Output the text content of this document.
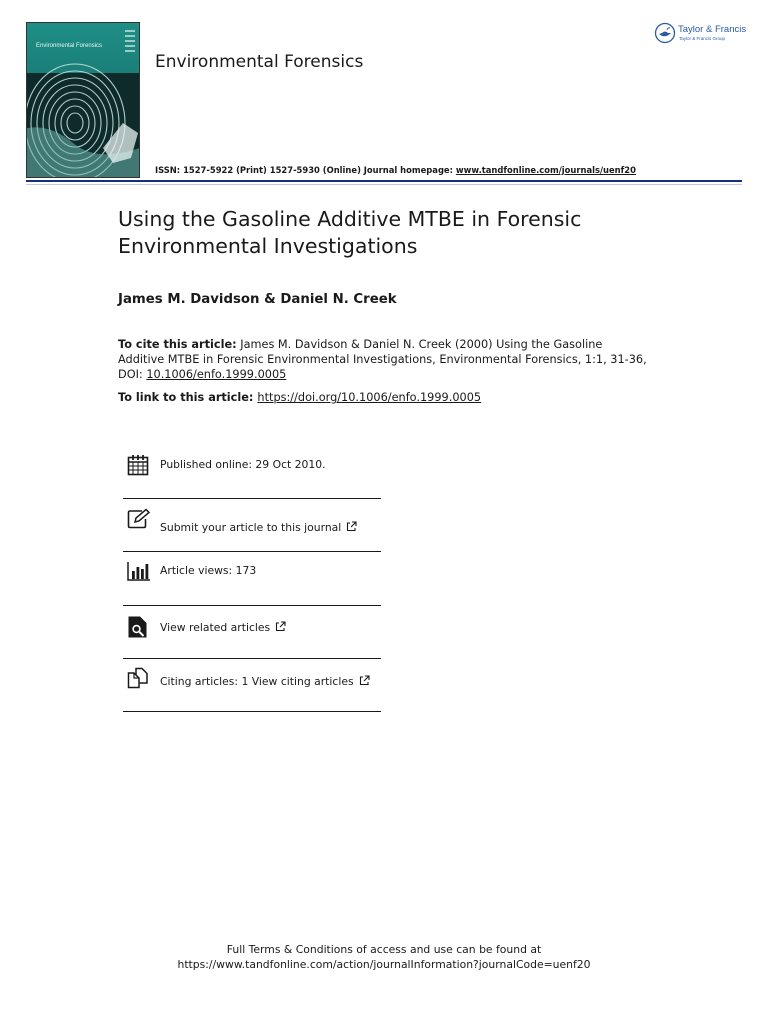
Environmental Forensics
Environmental Forensics
Taylor & Francis
Taylor & Francis Group
ISSN: 1527-5922 (Print) 1527-5930 (Online) Journal homepage: www.tandfonline.com/journals/uenf20
Using the Gasoline Additive MTBE in Forensic Environmental Investigations
James M. Davidson & Daniel N. Creek
To cite this article: James M. Davidson & Daniel N. Creek (2000) Using the Gasoline Additive MTBE in Forensic Environmental Investigations, Environmental Forensics, 1:1, 31-36, DOI: 10.1006/enfo.1999.0005
To link to this article: https://doi.org/10.1006/enfo.1999.0005
Published online: 29 Oct 2010.
Submit your article to this journal
Article views: 173
View related articles
Citing articles: 1 View citing articles
Full Terms & Conditions of access and use can be found at
https://www.tandfonline.com/action/journalInformation?journalCode=uenf20
